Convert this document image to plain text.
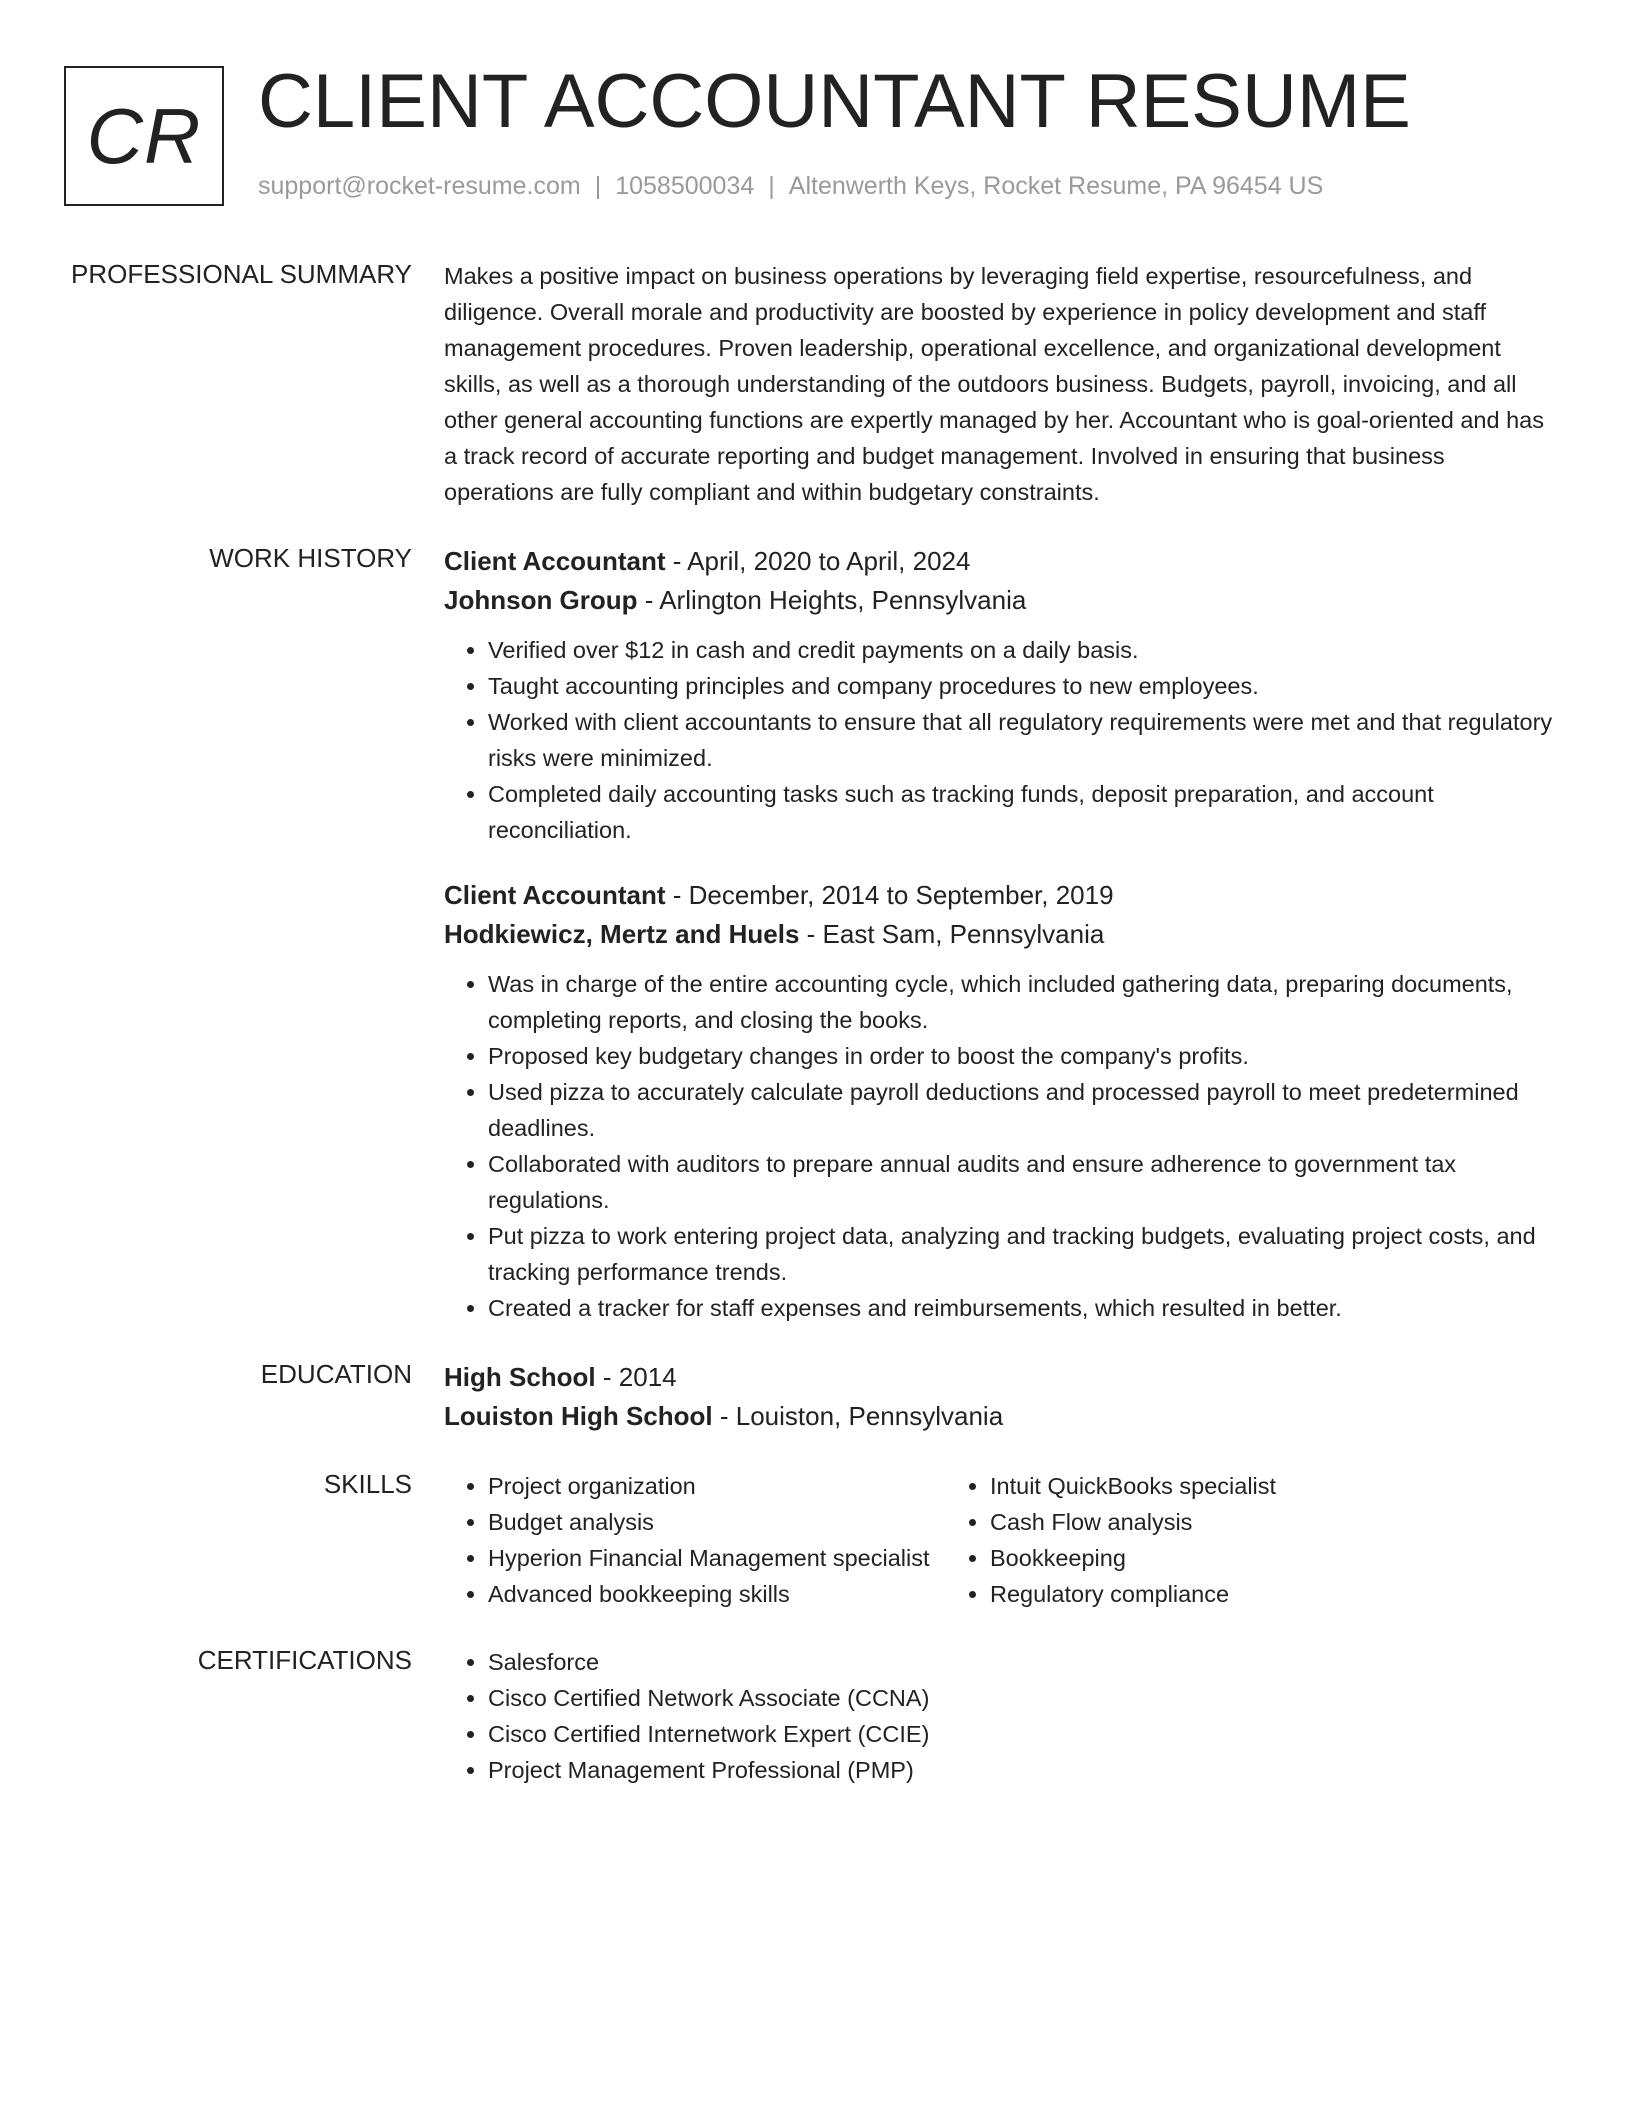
CR CLIENT ACCOUNTANT RESUME
support@rocket-resume.com | 1058500034 | Altenwerth Keys, Rocket Resume, PA 96454 US
PROFESSIONAL SUMMARY Makes a positive impact on business operations by leveraging field expertise, resourcefulness, and diligence. Overall morale and productivity are boosted by experience in policy development and staff management procedures. Proven leadership, operational excellence, and organizational development skills, as well as a thorough understanding of the outdoors business. Budgets, payroll, invoicing, and all other general accounting functions are expertly managed by her. Accountant who is goal-oriented and has a track record of accurate reporting and budget management. Involved in ensuring that business operations are fully compliant and within budgetary constraints.

WORK HISTORY Client Accountant - April, 2020 to April, 2024
Johnson Group - Arlington Heights, Pennsylvania
• Verified over $12 in cash and credit payments on a daily basis.
• Taught accounting principles and company procedures to new employees.
• Worked with client accountants to ensure that all regulatory requirements were met and that regulatory risks were minimized.
• Completed daily accounting tasks such as tracking funds, deposit preparation, and account reconciliation.
Client Accountant - December, 2014 to September, 2019
Hodkiewicz, Mertz and Huels - East Sam, Pennsylvania
• Was in charge of the entire accounting cycle, which included gathering data, preparing documents, completing reports, and closing the books.
• Proposed key budgetary changes in order to boost the company's profits.
• Used pizza to accurately calculate payroll deductions and processed payroll to meet predetermined deadlines.
• Collaborated with auditors to prepare annual audits and ensure adherence to government tax regulations.
• Put pizza to work entering project data, analyzing and tracking budgets, evaluating project costs, and tracking performance trends.
• Created a tracker for staff expenses and reimbursements, which resulted in better.
EDUCATION High School - 2014
Louiston High School - Louiston, Pennsylvania
SKILLS	• Project organization
• Budget analysis
• Hyperion Financial Management specialist
• Advanced bookkeeping skills
• Intuit QuickBooks specialist
• Cash Flow analysis
• Bookkeeping
• Regulatory compliance
CERTIFICATIONS	• Salesforce
• Cisco Certified Network Associate (CCNA)
• Cisco Certified Internetwork Expert (CCIE)
• Project Management Professional (PMP)
